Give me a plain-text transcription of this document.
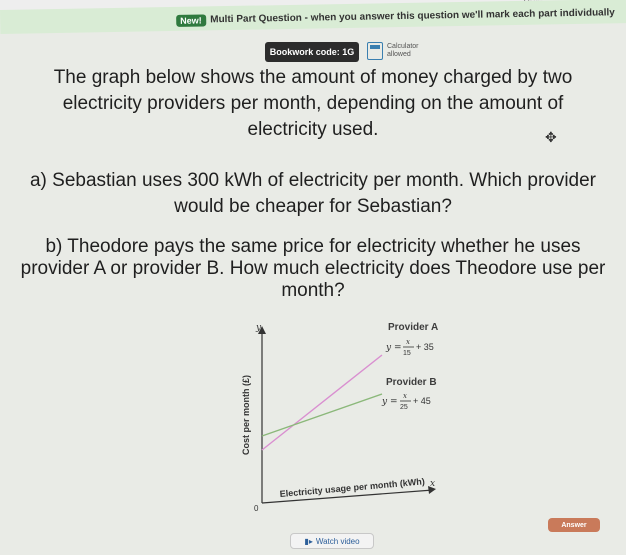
New! Multi Part Question - when you answer this question we'll mark each part individually
Bookwork code: 1G
Calculator
allowed
The graph below shows the amount of money charged by two
electricity providers per month, depending on the amount of
electricity used.	✥
a) Sebastian uses 300 kWh of electricity per month. Which provider
would be cheaper for Sebastian?
b) Theodore pays the same price for electricity whether he uses
provider A or provider B. How much electricity does Theodore use per
month?
y
x
0
Cost per month (£)
Electricity usage per month (kWh)
Provider A
y =
x
15
+ 35
Provider B
y =
x
25
+ 45
Answer
▮▸ Watch video
